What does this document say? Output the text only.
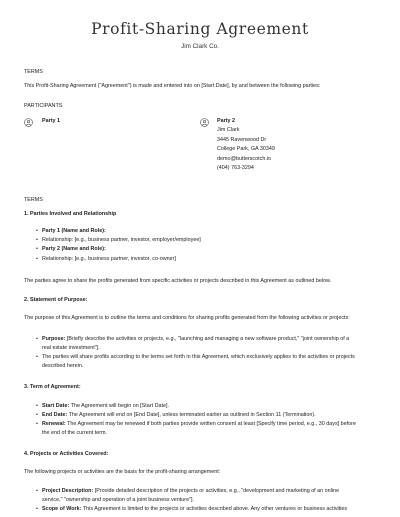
Profit-Sharing Agreement
Jim Clark Co.
TERMS
This Profit-Sharing Agreement ("Agreement") is made and entered into on [Start Date], by and between the following parties:
PARTICIPANTS
Party 1	Party 2
Jim Clark
3445 Ravenwood Dr
College Park, GA 30349
demo@butterscotch.io
(404) 763-3294
TERMS
1. Parties Involved and Relationship
• Party 1 (Name and Role):
• Relationship: [e.g., business partner, investor, employer/employee]
• Party 2 (Name and Role):
• Relationship: [e.g., business partner, investor, co-owner]
The parties agree to share the profits generated from specific activities or projects described in this Agreement as outlined below.
2. Statement of Purpose:
The purpose of this Agreement is to outline the terms and conditions for sharing profits generated from the following activities or projects:
• Purpose: [Briefly describe the activities or projects, e.g., "launching and managing a new software product," "joint ownership of a
real estate investment"].
• The parties will share profits according to the terms set forth in this Agreement, which exclusively applies to the activities or projects
described herein.
3. Term of Agreement:
• Start Date: The Agreement will begin on [Start Date].
• End Date: The Agreement will end on [End Date], unless terminated earlier as outlined in Section 11 (Termination).
• Renewal: The Agreement may be renewed if both parties provide written consent at least [Specify time period, e.g., 30 days] before
the end of the current term.
4. Projects or Activities Covered:
The following projects or activities are the basis for the profit-sharing arrangement:
• Project Description: [Provide detailed description of the projects or activities, e.g., "development and marketing of an online
service," "ownership and operation of a joint business venture"].
• Scope of Work: This Agreement is limited to the projects or activities described above. Any other ventures or business activities
